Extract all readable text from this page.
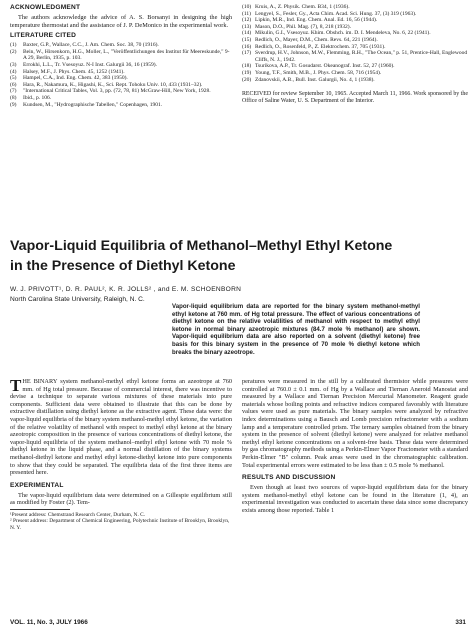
ACKNOWLEDGMENT
The authors acknowledge the advice of A. S. Borsanyi in designing the high temperature thermostat and the assistance of J. P. DeMonico in the experimental work.
LITERATURE CITED
(1)	Baxter, G.P., Wallace, C.C., J. Am. Chem. Soc. 38, 70 (1916).
(2)	Bein, W., Hirsenkorn, H.G., Moller, L., "Veröffentlichungen des Institut für Meereskunde," 9-A 29, Berlin, 1935, p. 103.
(3)	Errokhi, L.L., Tr. Vsesoyuz. N-I Inst. Galurgii 36, 16 (1959).
(4)	Halsey, M.F., J. Phys. Chem. 45, 1252 (1941).
(5)	Hampel, C.A., Ind. Eng. Chem. 42, 383 (1950).
(6)	Hara, R., Nakamura, K., Higashi, K., Sci. Rept. Tohoku Univ. 10, 433 (1931–32).
(7)	"International Critical Tables, Vol. 3, pp. (72, 78, 81) McGraw-Hill, New York, 1928.
(8)	Ibid., p. 106.
(9)	Kundsen, M., "Hydrographische Tabellen," Copenhagen, 1901.
(10) Kruis, A., Z. Physik. Chem. B34, 1 (1936).
(11) Lengyel, S., Fesler, Gy., Acta Chim. Acad. Sci. Hung. 37, (3) 319 (1963).
(12) Lipkin, M.R., Ind. Eng. Chem. Anal. Ed. 16, 56 (1944).
(13) Mason, D.O., Phil. Mag. (7), 8, 218 (1932).
(14) Mikulin, G.I., Vsesoyuz. Khim. Obshch. im. D. I. Mendeleva, No. 6, 22 (1941).
(15) Redlich, O., Mayer, D.M., Chem. Revs. 64, 221 (1964).
(16) Redlich, O., Rosenfeld, P., Z. Elektrochem. 37, 705 (1931).
(17) Sverdrup, H.V., Johnson, M.W., Flemming, R.H., "The Ocean," p. 51, Prentice-Hall, Englewood Cliffs, N. J., 1942.
(18) Tsurikova, A.P., Tr. Gosudarst. Okeanograf. Inst. 52, 27 (1960).
(19) Young, T.F., Smith, M.B., J. Phys. Chem. 58, 716 (1954).
(20) Zdanovskii, A.B., Bull. Inst. Galurgii, No. 4, 1 (1938).
RECEIVED for review September 10, 1965. Accepted March 11, 1966. Work sponsored by the Office of Saline Water, U. S. Department of the Interior.
Vapor-Liquid Equilibria of Methanol–Methyl Ethyl Ketone
in the Presence of Diethyl Ketone
W. J. PRIVOTT¹, D. R. PAUL², K. R. JOLLS² , and E. M. SCHOENBORN
North Carolina State University, Raleigh, N. C.
Vapor-liquid equilibrium data are reported for the binary system methanol-methyl ethyl ketone at 760 mm. of Hg total pressure. The effect of various concentrations of diethyl ketone on the relative volatilities of methanol with respect to methyl ethyl ketone in normal binary azeotropic mixtures (84.7 mole % methanol) are shown. Vapor-liquid equilibrium data are also reported on a solvent (diethyl ketone) free basis for this binary system in the presence of 70 mole % diethyl ketone which breaks the binary azeotrope.
THE BINARY system methanol-methyl ethyl ketone forms an azeotrope at 760 mm. of Hg total pressure. Because of commercial interest, there was incentive to devise a technique to separate various mixtures of these materials into pure components. Sufficient data were obtained to illustrate that this can be done by extractive distillation using diethyl ketone as the extractive agent. These data were: the vapor-liquid equilibria of the binary system methanol-methyl ethyl ketone, the variation of the relative volatility of methanol with respect to methyl ethyl ketone at the binary azeotropic composition in the presence of various concentrations of diethyl ketone, the vapor-liquid equilibria of the system methanol–methyl ethyl ketone with 70 mole % diethyl ketone in the liquid phase, and a normal distillation of the binary systems methanol-diethyl ketone and methyl ethyl ketone-diethyl ketone into pure components to show that they could be separated. The equilibria data of the first three items are presented here.
EXPERIMENTAL
The vapor-liquid equilibrium data were determined on a Gillespie equilibrium still as modified by Foster (2). Tem-
¹Present address: Chemstrand Research Center, Durham, N. C.
² Present address: Department of Chemical Engineering, Polytechnic Institute of Brooklyn, Brooklyn, N. Y.
peratures were measured in the still by a calibrated thermistor while pressures were controlled at 760.0 ± 0.1 mm. of Hg by a Wallace and Tiernan Aneroid Manostat and measured by a Wallace and Tiernan Precision Mercurial Manometer. Reagent grade materials whose boiling points and refractive indices compared favorably with literature values were used as pure materials. The binary samples were analyzed by refractive index determinations using a Bausch and Lomb precision refractometer with a sodium lamp and a temperature controlled prism. The ternary samples obtained from the binary system in the presence of solvent (diethyl ketone) were analyzed for relative methanol methyl ethyl ketone concentrations on a solvent-free basis. These data were determined by gas chromatography methods using a Perkin-Elmer Vapor Fractometer with a standard Perkin-Elmer "B" column. Peak areas were used in the chromatographic calibration. Total experimental errors were estimated to be less than ± 0.5 mole % methanol.
RESULTS AND DISCUSSION
Even though at least two sources of vapor-liquid equilibrium data for the binary system methanol-methyl ethyl ketone can be found in the literature (1, 4), an experimental investigation was conducted to ascertain these data since some discrepancy exists among those reported. Table 1
VOL. 11, No. 3, JULY 1966	331
